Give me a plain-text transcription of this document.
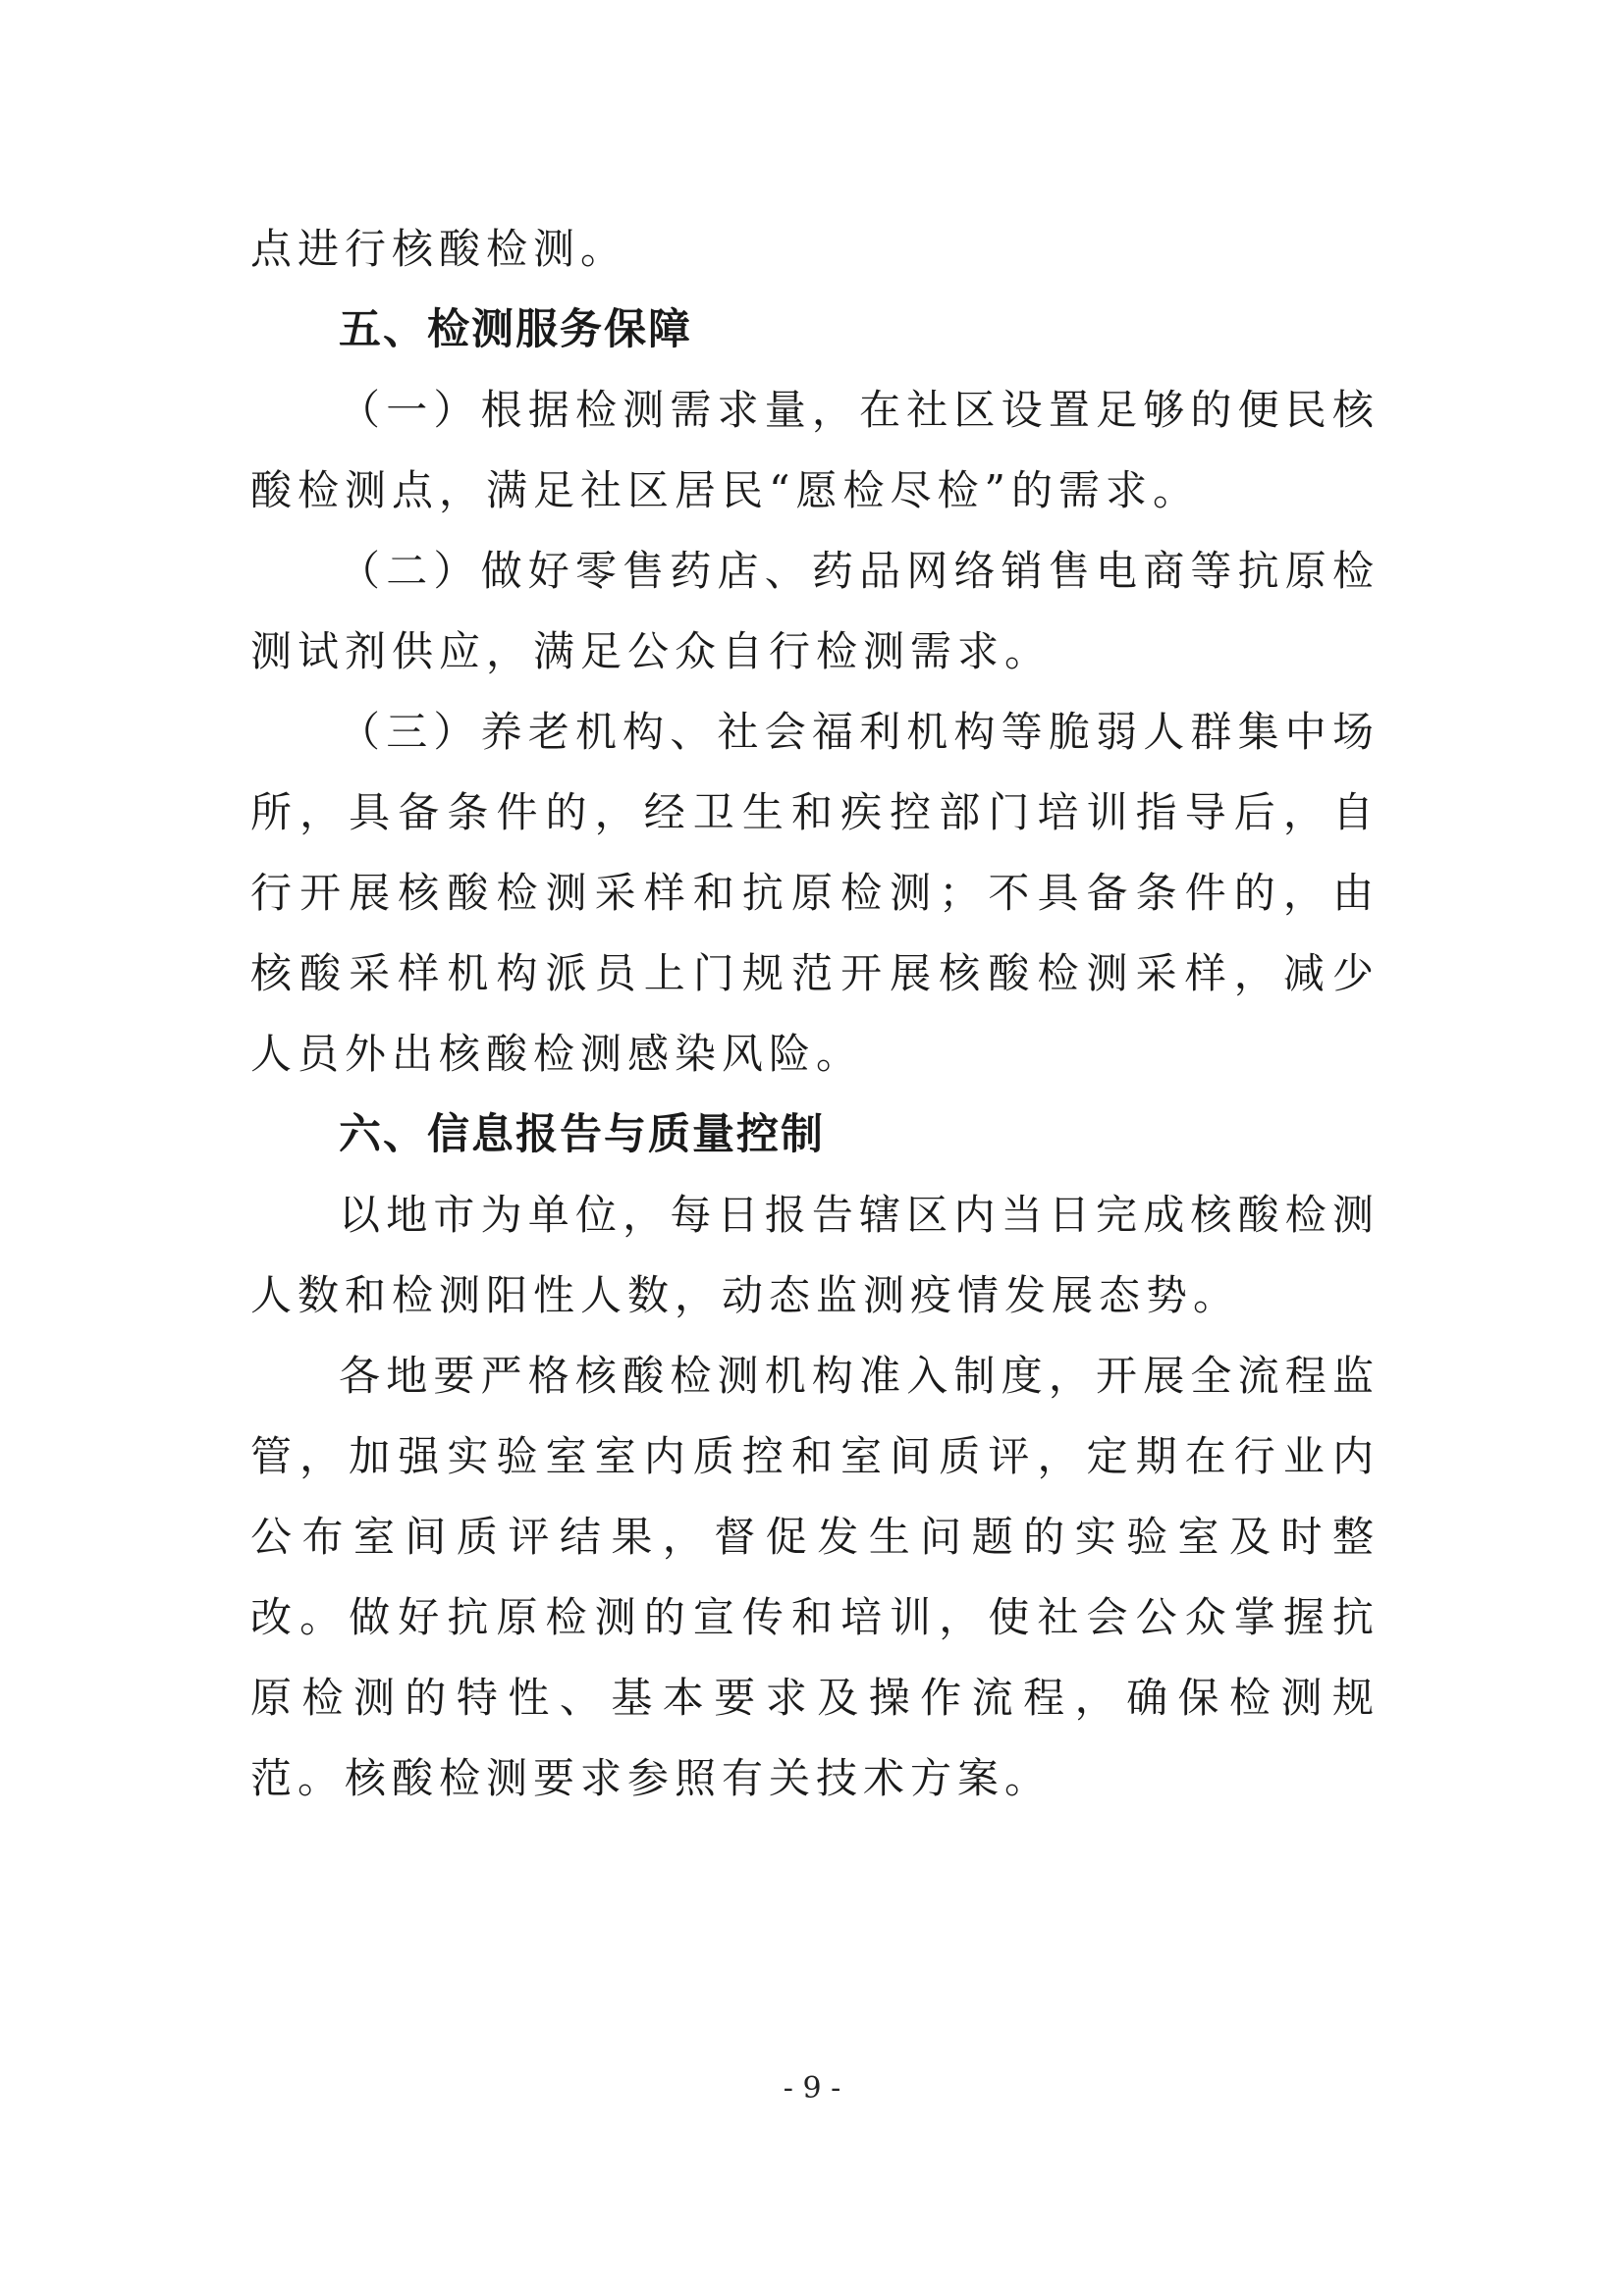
点进行核酸检测。

五、检测服务保障

（一）根据检测需求量，在社区设置足够的便民核酸检测点，满足社区居民“愿检尽检”的需求。

（二）做好零售药店、药品网络销售电商等抗原检测试剂供应，满足公众自行检测需求。

（三）养老机构、社会福利机构等脆弱人群集中场所，具备条件的，经卫生和疾控部门培训指导后，自行开展核酸检测采样和抗原检测；不具备条件的，由核酸采样机构派员上门规范开展核酸检测采样，减少人员外出核酸检测感染风险。

六、信息报告与质量控制

以地市为单位，每日报告辖区内当日完成核酸检测人数和检测阳性人数，动态监测疫情发展态势。

各地要严格核酸检测机构准入制度，开展全流程监管，加强实验室室内质控和室间质评，定期在行业内公布室间质评结果，督促发生问题的实验室及时整改。做好抗原检测的宣传和培训，使社会公众掌握抗原检测的特性、基本要求及操作流程，确保检测规范。核酸检测要求参照有关技术方案。

- 9 -
